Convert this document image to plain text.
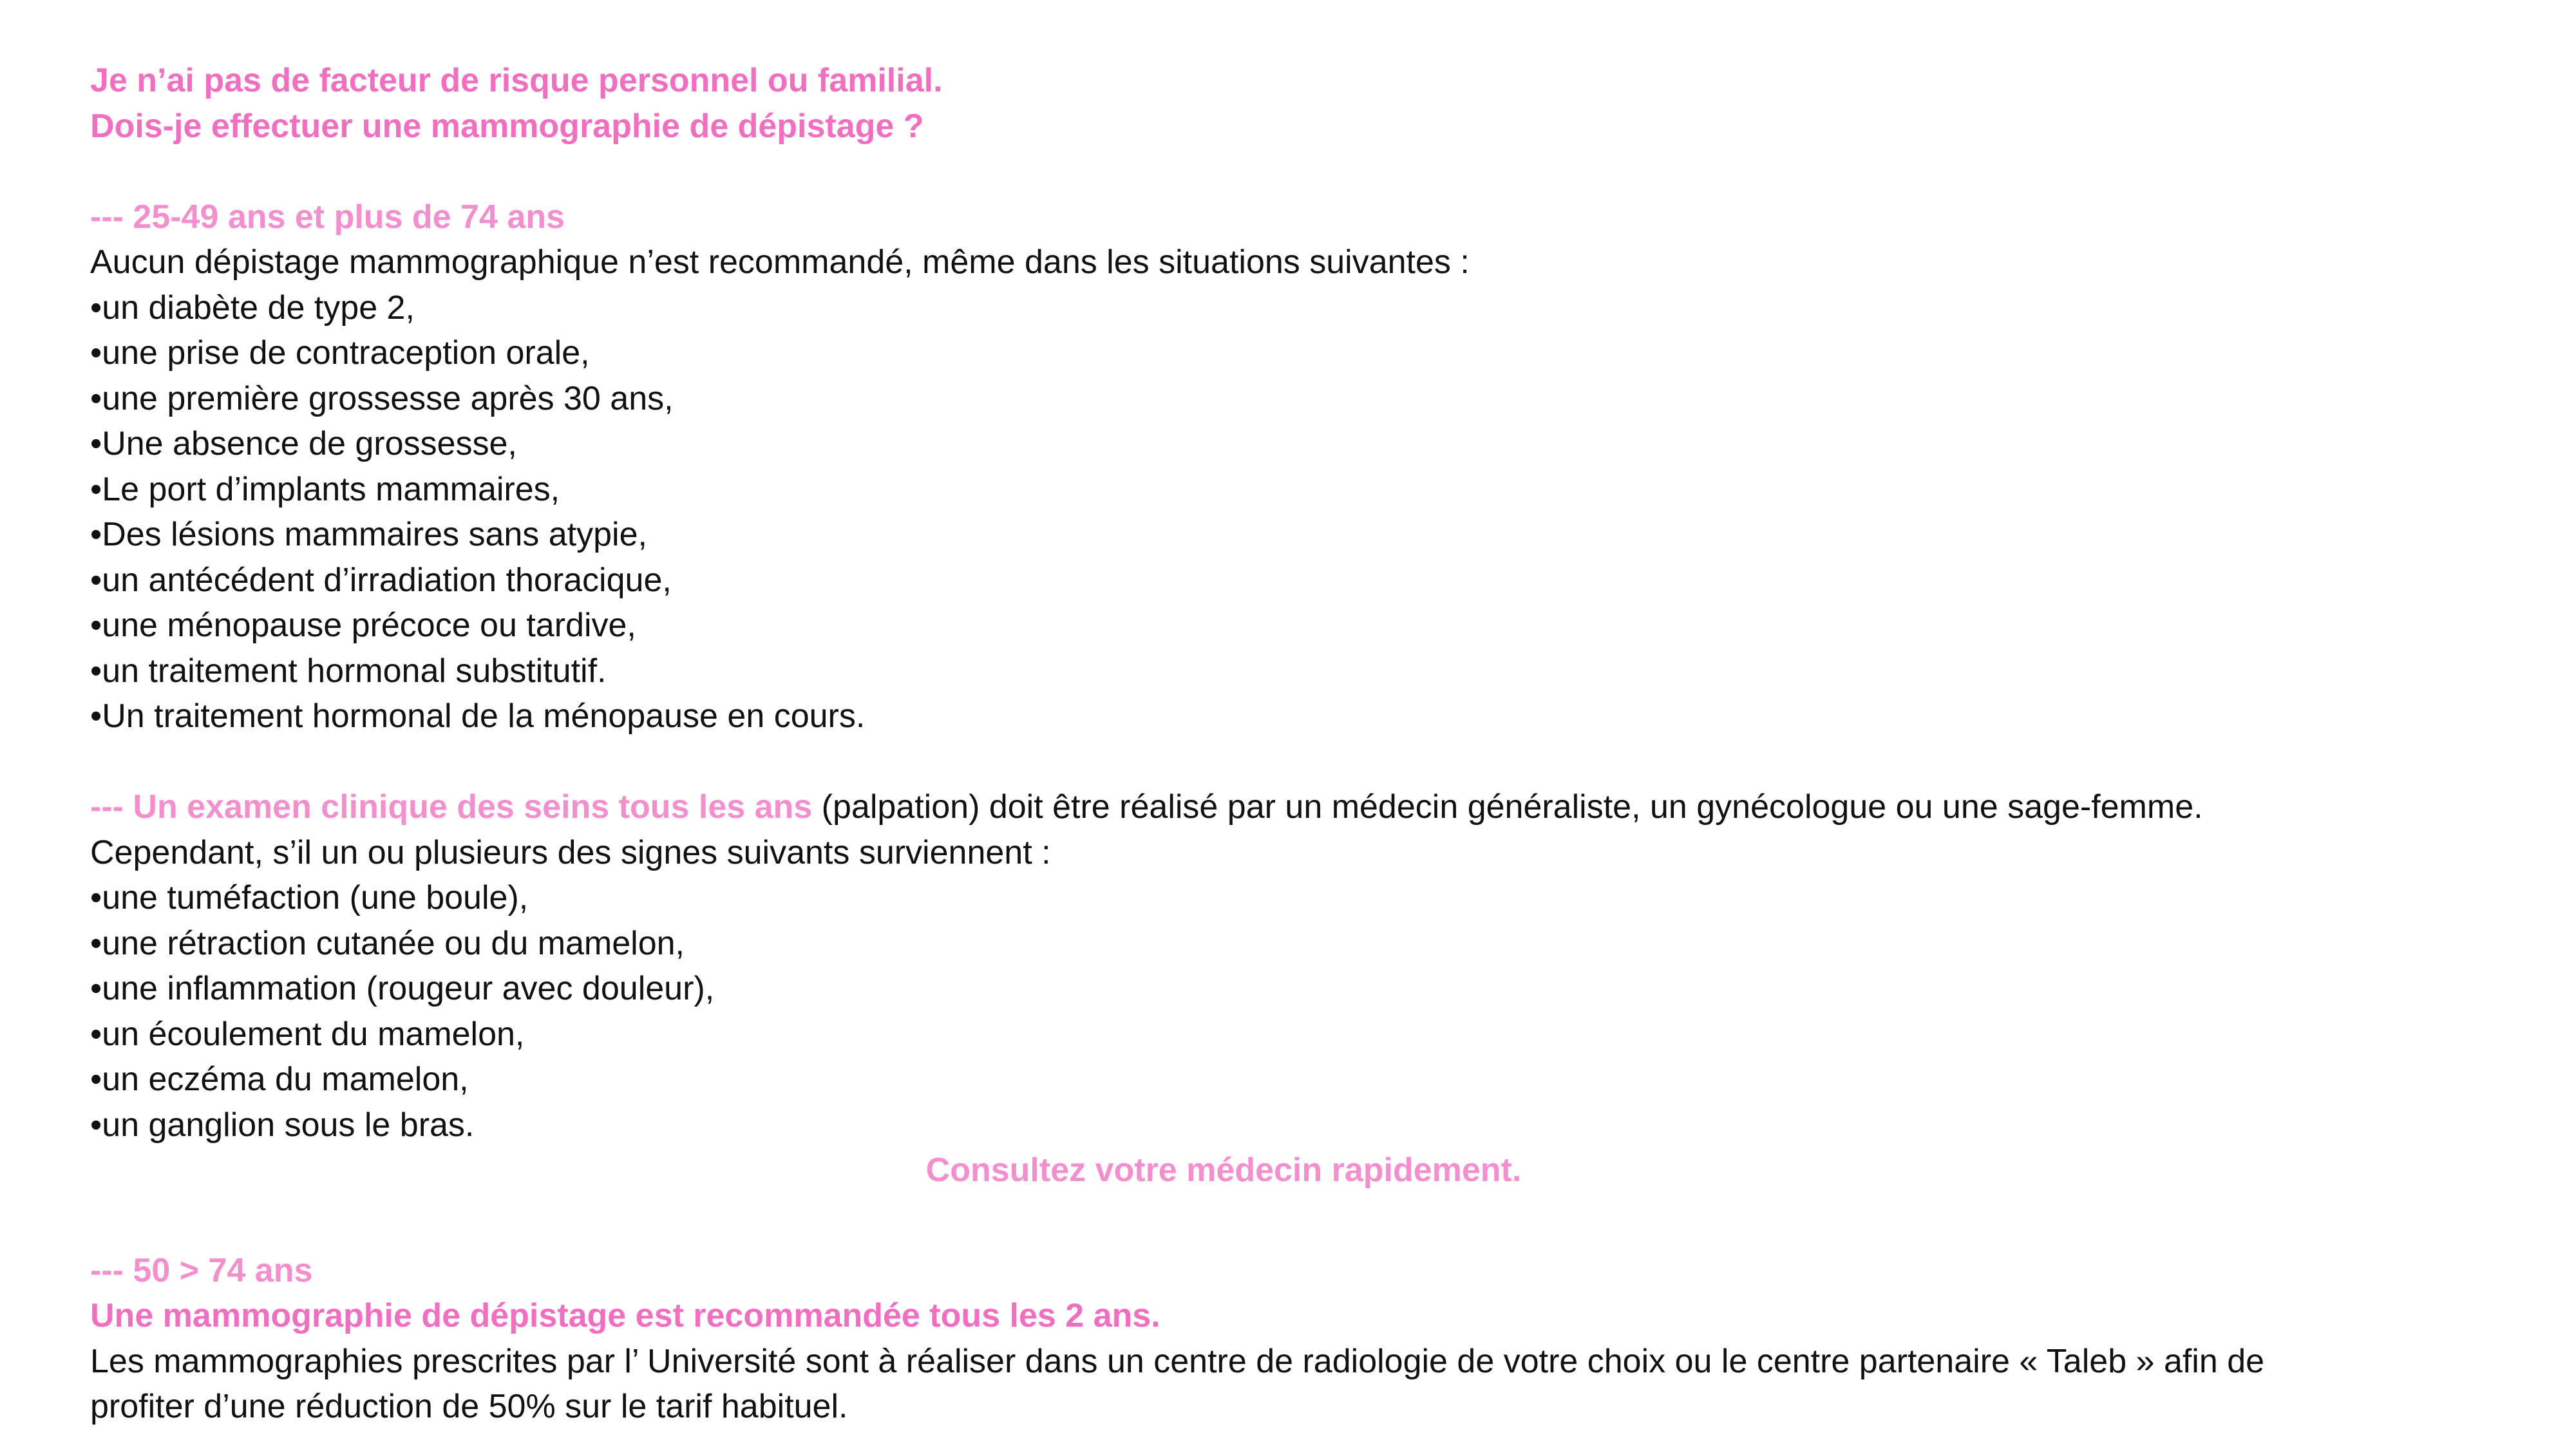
Je n’ai pas de facteur de risque personnel ou familial.

Dois-je effectuer une mammographie de dépistage ?

--- 25-49 ans et plus de 74 ans

Aucun dépistage mammographique n’est recommandé, même dans les situations suivantes :

•un diabète de type 2,

•une prise de contraception orale,

•une première grossesse après 30 ans,

•Une absence de grossesse,

•Le port d’implants mammaires,

•Des lésions mammaires sans atypie,

•un antécédent d’irradiation thoracique,

•une ménopause précoce ou tardive,

•un traitement hormonal substitutif.

•Un traitement hormonal de la ménopause en cours.

--- Un examen clinique des seins tous les ans (palpation) doit être réalisé par un médecin généraliste, un gynécologue ou une sage-femme.

Cependant, s’il un ou plusieurs des signes suivants surviennent :

•une tuméfaction (une boule),

•une rétraction cutanée ou du mamelon,

•une inflammation (rougeur avec douleur),

•un écoulement du mamelon,

•un eczéma du mamelon,

•un ganglion sous le bras.

Consultez votre médecin rapidement.

--- 50 > 74 ans

Une mammographie de dépistage est recommandée tous les 2 ans.

Les mammographies prescrites par l’ Université sont à réaliser dans un centre de radiologie de votre choix ou le centre partenaire « Taleb » afin de

profiter d’une réduction de 50% sur le tarif habituel.
